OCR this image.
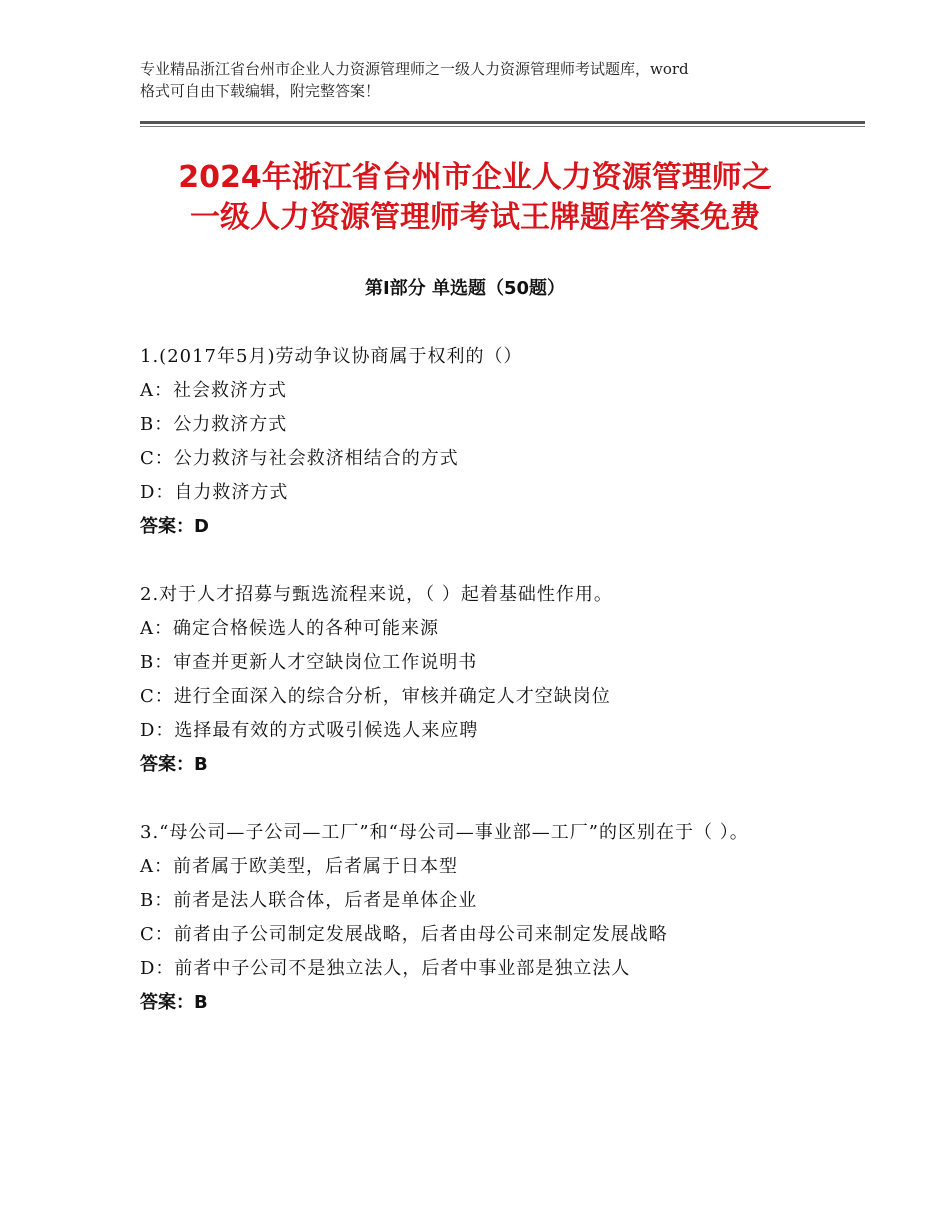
专业精品浙江省台州市企业人力资源管理师之一级人力资源管理师考试题库，word
格式可自由下载编辑，附完整答案！
2024年浙江省台州市企业人力资源管理师之
一级人力资源管理师考试王牌题库答案免费
第Ⅰ部分 单选题（50题）
1.(2017年5月)劳动争议协商属于权利的（）
A：社会救济方式
B：公力救济方式
C：公力救济与社会救济相结合的方式
D：自力救济方式
答案：D
2.对于人才招募与甄选流程来说，（ ）起着基础性作用。
A：确定合格候选人的各种可能来源
B：审查并更新人才空缺岗位工作说明书
C：进行全面深入的综合分析，审核并确定人才空缺岗位
D：选择最有效的方式吸引候选人来应聘
答案：B
3.“母公司—子公司—工厂”和“母公司—事业部—工厂”的区别在于（ ）。
A：前者属于欧美型，后者属于日本型
B：前者是法人联合体，后者是单体企业
C：前者由子公司制定发展战略，后者由母公司来制定发展战略
D：前者中子公司不是独立法人，后者中事业部是独立法人
答案：B
